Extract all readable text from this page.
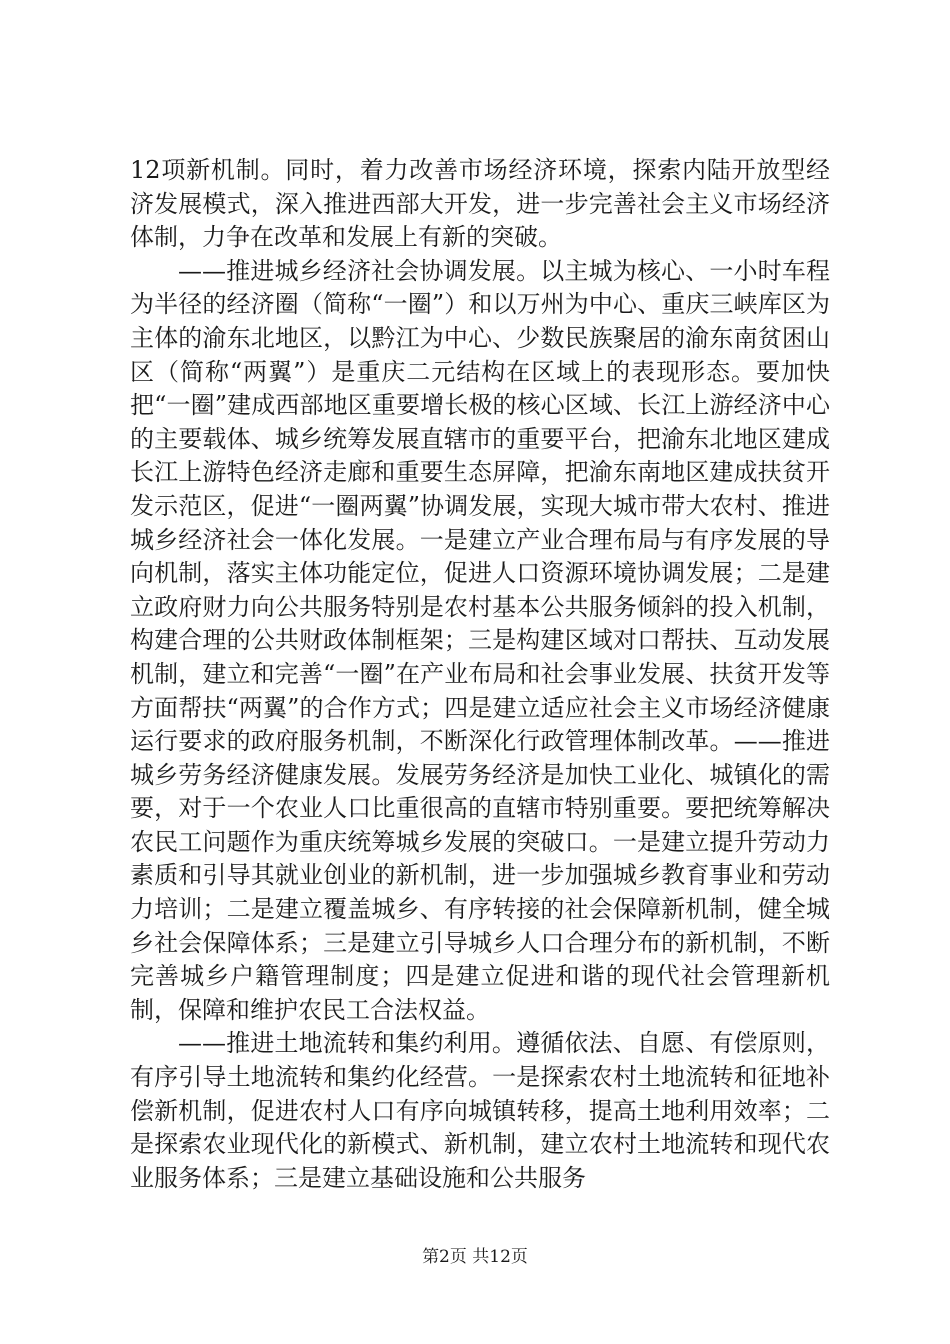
12项新机制。同时，着力改善市场经济环境，探索内陆开放型经济发展模式，深入推进西部大开发，进一步完善社会主义市场经济体制，力争在改革和发展上有新的突破。

——推进城乡经济社会协调发展。以主城为核心、一小时车程为半径的经济圈（简称“一圈”）和以万州为中心、重庆三峡库区为主体的渝东北地区，以黔江为中心、少数民族聚居的渝东南贫困山区（简称“两翼”）是重庆二元结构在区域上的表现形态。要加快把“一圈”建成西部地区重要增长极的核心区域、长江上游经济中心的主要载体、城乡统筹发展直辖市的重要平台，把渝东北地区建成长江上游特色经济走廊和重要生态屏障，把渝东南地区建成扶贫开发示范区，促进“一圈两翼”协调发展，实现大城市带大农村、推进城乡经济社会一体化发展。一是建立产业合理布局与有序发展的导向机制，落实主体功能定位，促进人口资源环境协调发展；二是建立政府财力向公共服务特别是农村基本公共服务倾斜的投入机制，构建合理的公共财政体制框架；三是构建区域对口帮扶、互动发展机制，建立和完善“一圈”在产业布局和社会事业发展、扶贫开发等方面帮扶“两翼”的合作方式；四是建立适应社会主义市场经济健康运行要求的政府服务机制，不断深化行政管理体制改革。——推进城乡劳务经济健康发展。发展劳务经济是加快工业化、城镇化的需要，对于一个农业人口比重很高的直辖市特别重要。要把统筹解决农民工问题作为重庆统筹城乡发展的突破口。一是建立提升劳动力素质和引导其就业创业的新机制，进一步加强城乡教育事业和劳动力培训；二是建立覆盖城乡、有序转接的社会保障新机制，健全城乡社会保障体系；三是建立引导城乡人口合理分布的新机制，不断完善城乡户籍管理制度；四是建立促进和谐的现代社会管理新机制，保障和维护农民工合法权益。

——推进土地流转和集约利用。遵循依法、自愿、有偿原则，有序引导土地流转和集约化经营。一是探索农村土地流转和征地补偿新机制，促进农村人口有序向城镇转移，提高土地利用效率；二是探索农业现代化的新模式、新机制，建立农村土地流转和现代农业服务体系；三是建立基础设施和公共服务

第2页 共12页
